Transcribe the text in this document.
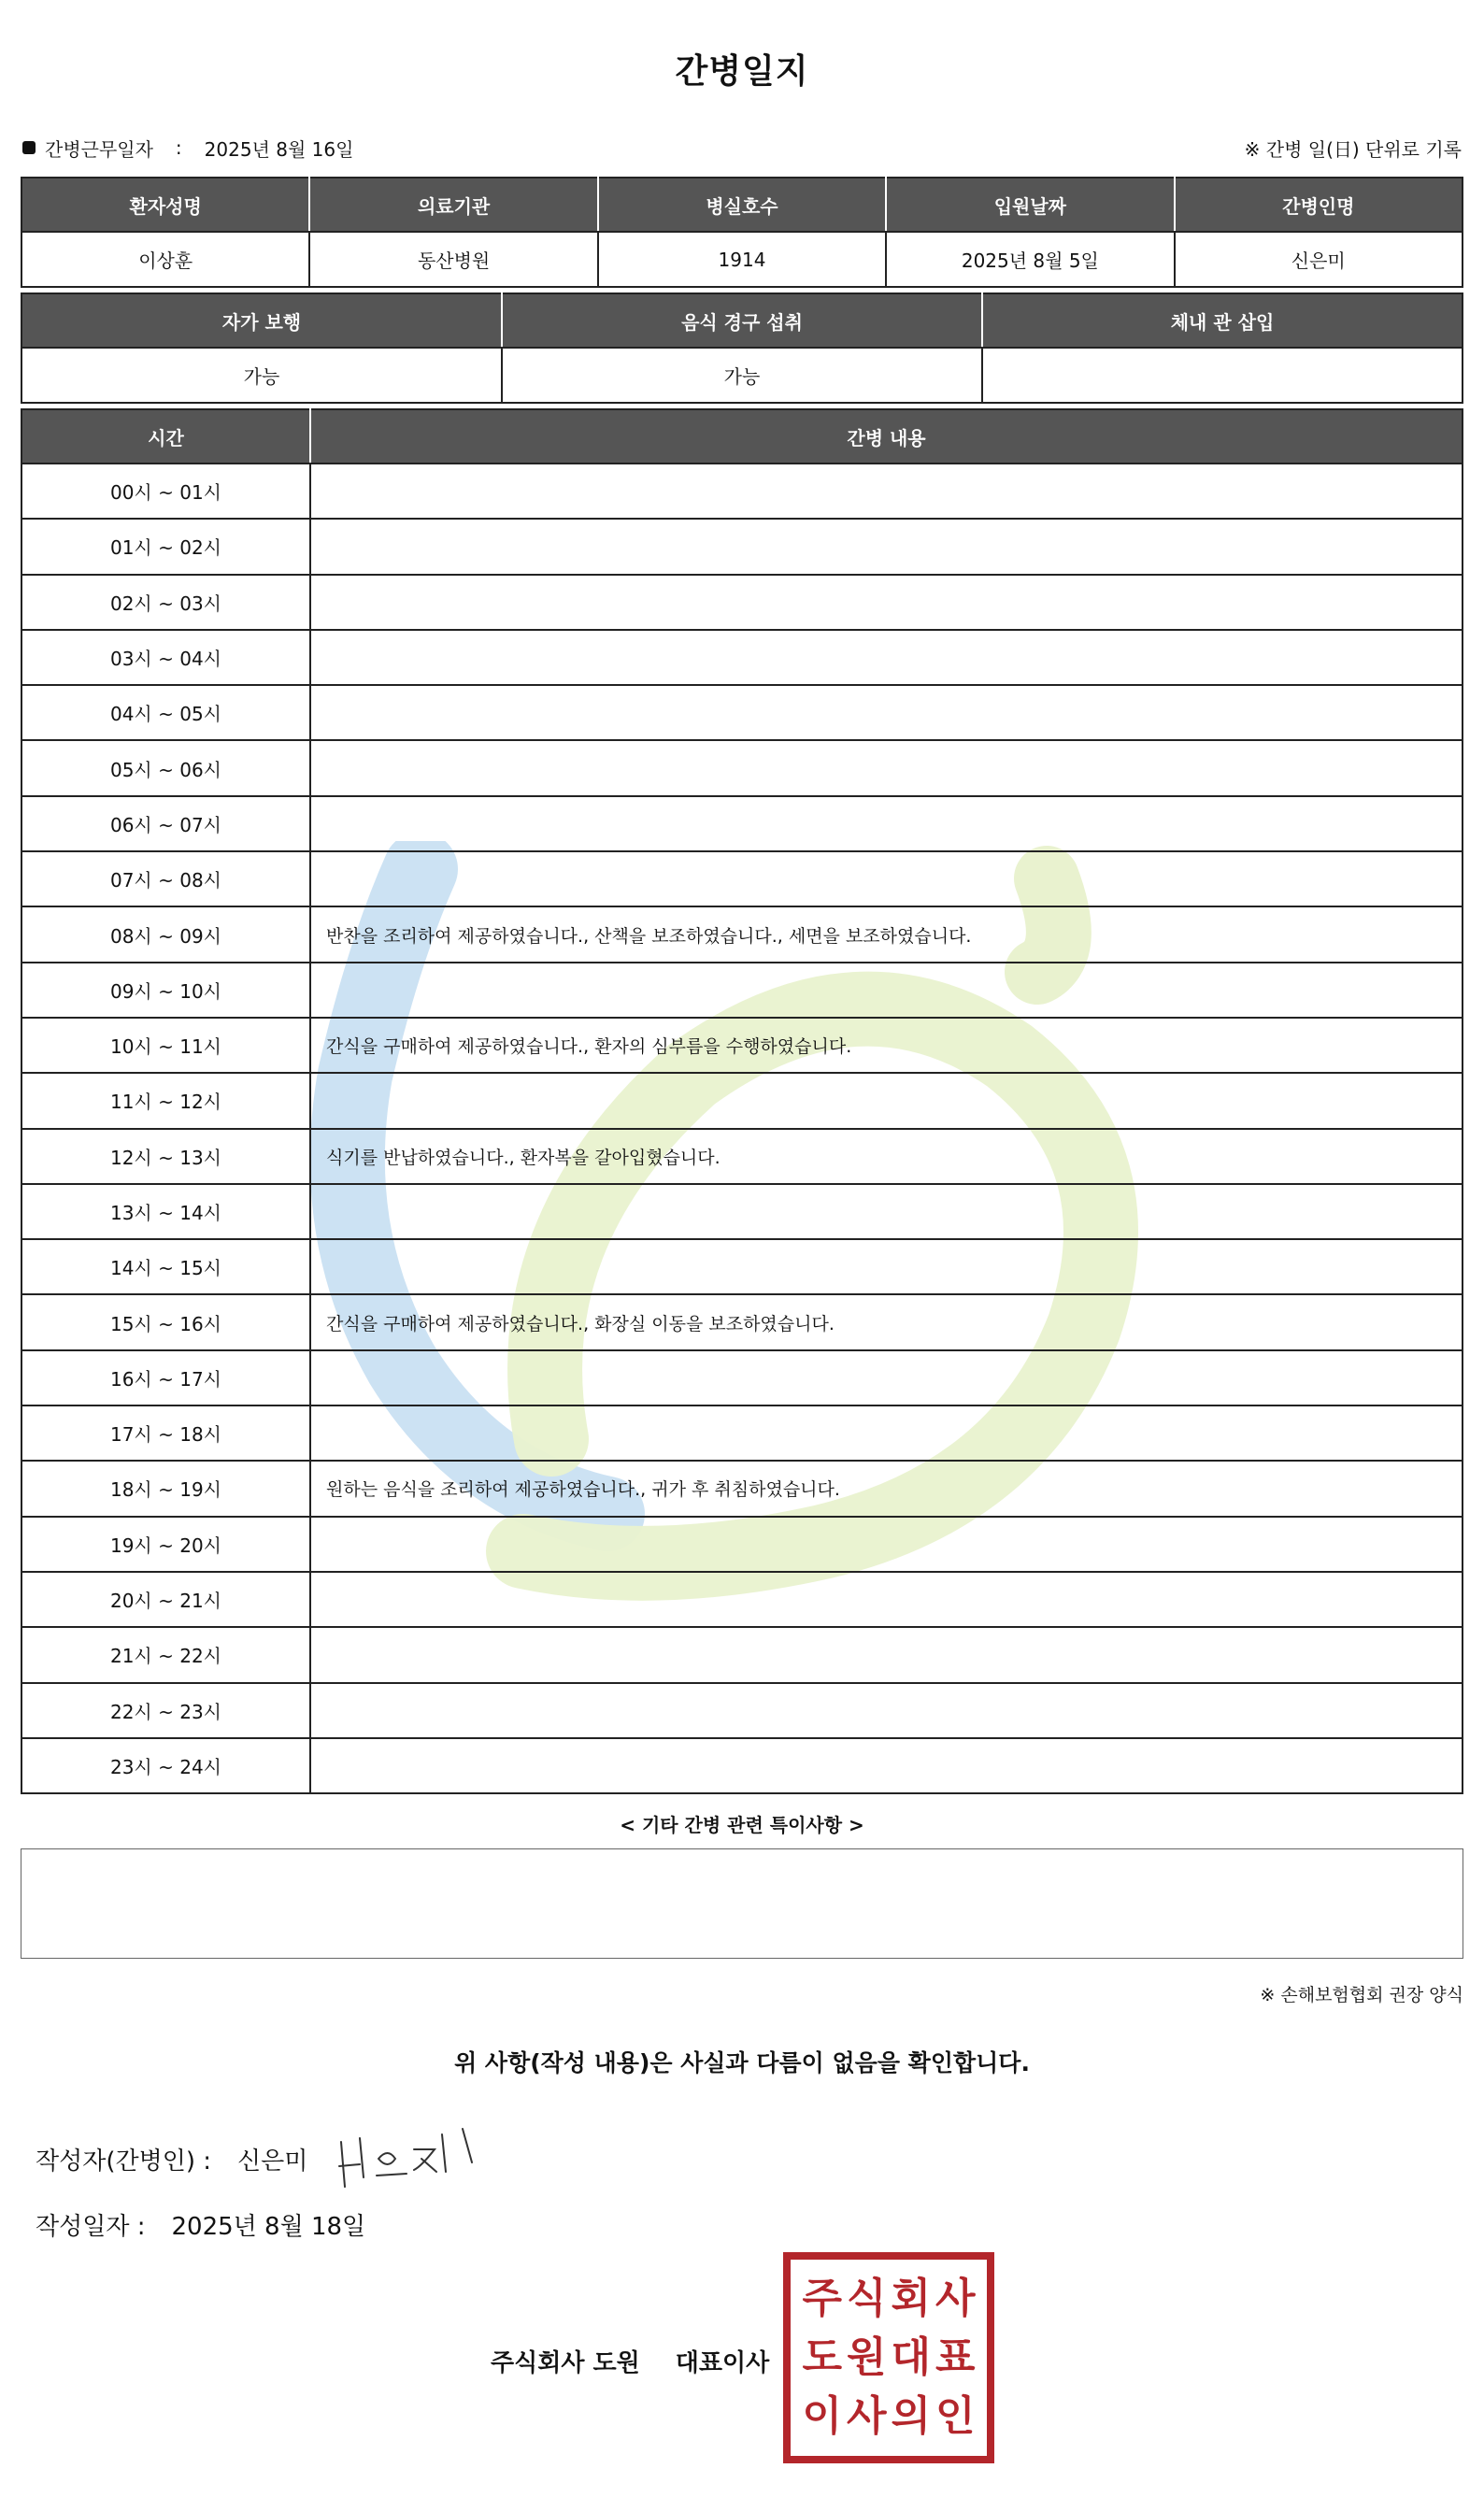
간병일지
간병근무일자 : 2025년 8월 16일	※ 간병 일(日) 단위로 기록
환자성명	의료기관	병실호수	입원날짜	간병인명
이상훈	동산병원	1914	2025년 8월 5일	신은미
자가 보행	음식 경구 섭취	체내 관 삽입
가능	가능	
시간	간병 내용
00시 ~ 01시	
01시 ~ 02시	
02시 ~ 03시	
03시 ~ 04시	
04시 ~ 05시	
05시 ~ 06시	
06시 ~ 07시	
07시 ~ 08시	
08시 ~ 09시	반찬을 조리하여 제공하였습니다., 산책을 보조하였습니다., 세면을 보조하였습니다.
09시 ~ 10시	
10시 ~ 11시	간식을 구매하여 제공하였습니다., 환자의 심부름을 수행하였습니다.
11시 ~ 12시	
12시 ~ 13시	식기를 반납하였습니다., 환자복을 갈아입혔습니다.
13시 ~ 14시	
14시 ~ 15시	
15시 ~ 16시	간식을 구매하여 제공하였습니다., 화장실 이동을 보조하였습니다.
16시 ~ 17시	
17시 ~ 18시	
18시 ~ 19시	원하는 음식을 조리하여 제공하였습니다., 귀가 후 취침하였습니다.
19시 ~ 20시	
20시 ~ 21시	
21시 ~ 22시	
22시 ~ 23시	
23시 ~ 24시	
< 기타 간병 관련 특이사항 >
※ 손해보험협회 권장 양식
위 사항(작성 내용)은 사실과 다름이 없음을 확인합니다.
작성자(간병인) : 신은미
작성일자 : 2025년 8월 18일
주식회사 도원 대표이사
주 식 회 사
도 원 대 표
이 사 의 인
